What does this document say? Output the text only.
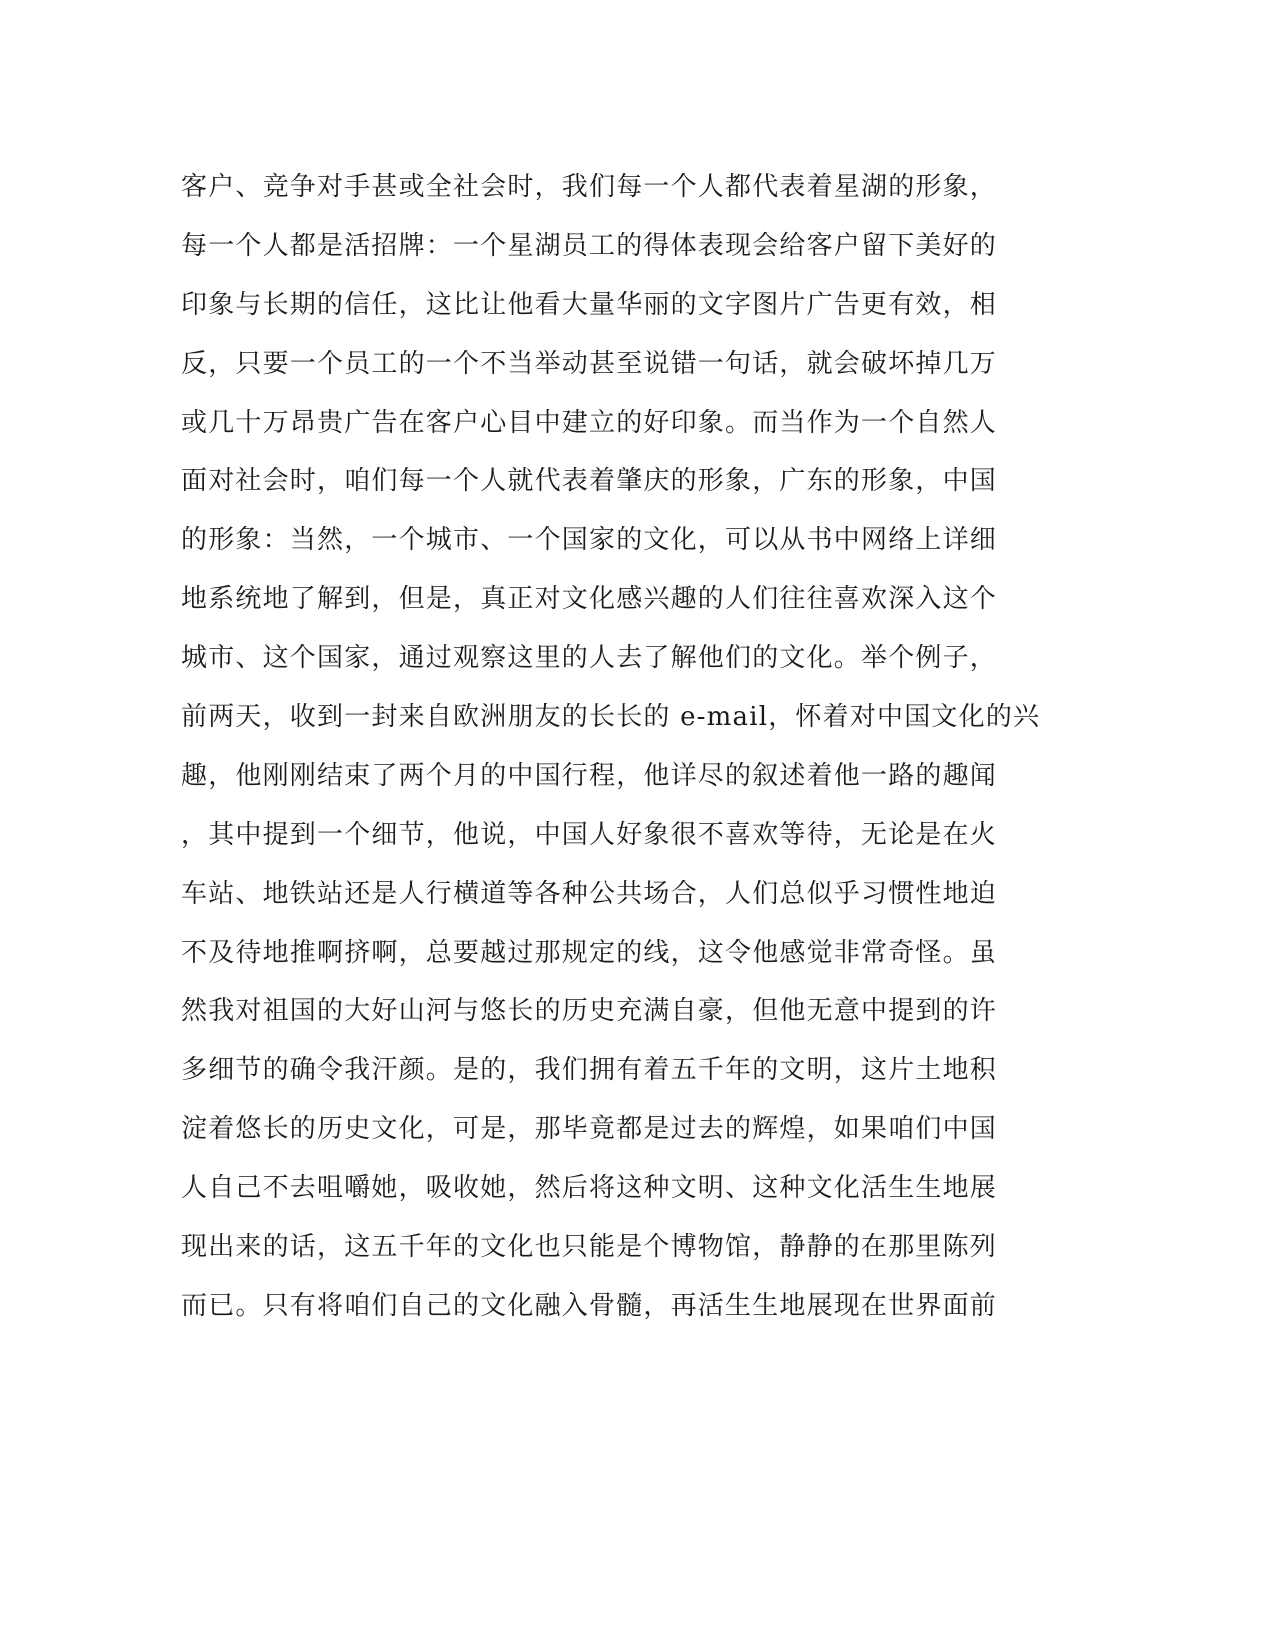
客户、竞争对手甚或全社会时，我们每一个人都代表着星湖的形象，
每一个人都是活招牌：一个星湖员工的得体表现会给客户留下美好的
印象与长期的信任，这比让他看大量华丽的文字图片广告更有效，相
反，只要一个员工的一个不当举动甚至说错一句话，就会破坏掉几万
或几十万昂贵广告在客户心目中建立的好印象。而当作为一个自然人
面对社会时，咱们每一个人就代表着肇庆的形象，广东的形象，中国
的形象：当然，一个城市、一个国家的文化，可以从书中网络上详细
地系统地了解到，但是，真正对文化感兴趣的人们往往喜欢深入这个
城市、这个国家，通过观察这里的人去了解他们的文化。举个例子，
前两天，收到一封来自欧洲朋友的长长的 e-mail，怀着对中国文化的兴
趣，他刚刚结束了两个月的中国行程，他详尽的叙述着他一路的趣闻
，其中提到一个细节，他说，中国人好象很不喜欢等待，无论是在火
车站、地铁站还是人行横道等各种公共场合，人们总似乎习惯性地迫
不及待地推啊挤啊，总要越过那规定的线，这令他感觉非常奇怪。虽
然我对祖国的大好山河与悠长的历史充满自豪，但他无意中提到的许
多细节的确令我汗颜。是的，我们拥有着五千年的文明，这片土地积
淀着悠长的历史文化，可是，那毕竟都是过去的辉煌，如果咱们中国
人自己不去咀嚼她，吸收她，然后将这种文明、这种文化活生生地展
现出来的话，这五千年的文化也只能是个博物馆，静静的在那里陈列
而已。只有将咱们自己的文化融入骨髓，再活生生地展现在世界面前
